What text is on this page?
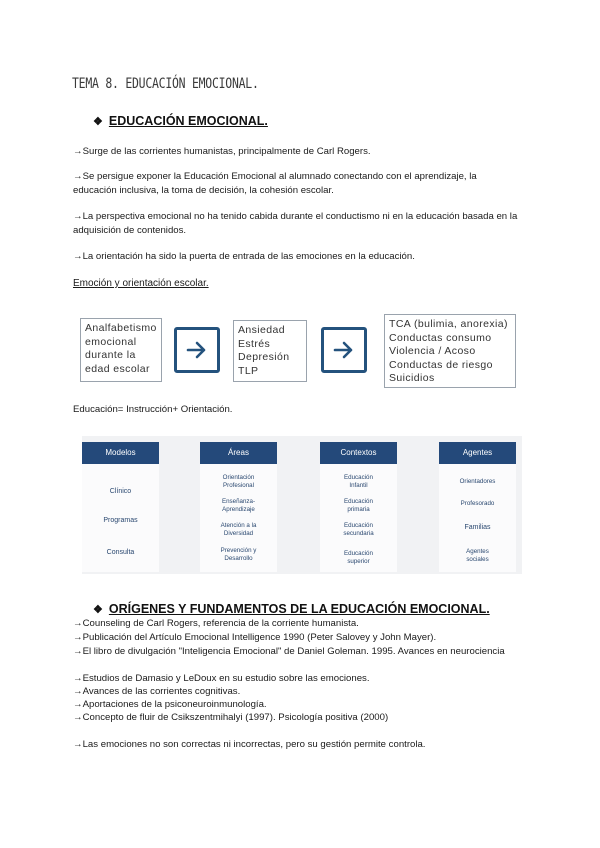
TEMA 8. EDUCACIÓN EMOCIONAL.
❖ EDUCACIÓN EMOCIONAL.
→Surge de las corrientes humanistas, principalmente de Carl Rogers.
→Se persigue exponer la Educación Emocional al alumnado conectando con el aprendizaje, la educación inclusiva, la toma de decisión, la cohesión escolar.
→La perspectiva emocional no ha tenido cabida durante el conductismo ni en la educación basada en la adquisición de contenidos.
→La orientación ha sido la puerta de entrada de las emociones en la educación.
Emoción y orientación escolar.
Analfabetismo
emocional
durante la
edad escolar
Ansiedad
Estrés
Depresión
TLP
TCA (bulimia, anorexia)
Conductas consumo
Violencia / Acoso
Conductas de riesgo
Suicidios
Educación= Instrucción+ Orientación.
Modelos
Clínico
Programas
Consulta
Áreas
Orientación Profesional
Enseñanza-Aprendizaje
Atención a la Diversidad
Prevención y Desarrollo
Contextos
Educación Infantil
Educación primaria
Educación secundaria
Educación superior
Agentes
Orientadores
Profesorado
Familias
Agentes sociales
❖ ORÍGENES Y FUNDAMENTOS DE LA EDUCACIÓN EMOCIONAL.
→Counseling de Carl Rogers, referencia de la corriente humanista.
→Publicación del Artículo Emocional Intelligence 1990 (Peter Salovey y John Mayer).
→El libro de divulgación "Inteligencia Emocional" de Daniel Goleman. 1995. Avances en neurociencia
→Estudios de Damasio y LeDoux en su estudio sobre las emociones.
→Avances de las corrientes cognitivas.
→Aportaciones de la psiconeuroinmunología.
→Concepto de fluir de Csikszentmihalyi (1997). Psicología positiva (2000)
→Las emociones no son correctas ni incorrectas, pero su gestión permite controla.
